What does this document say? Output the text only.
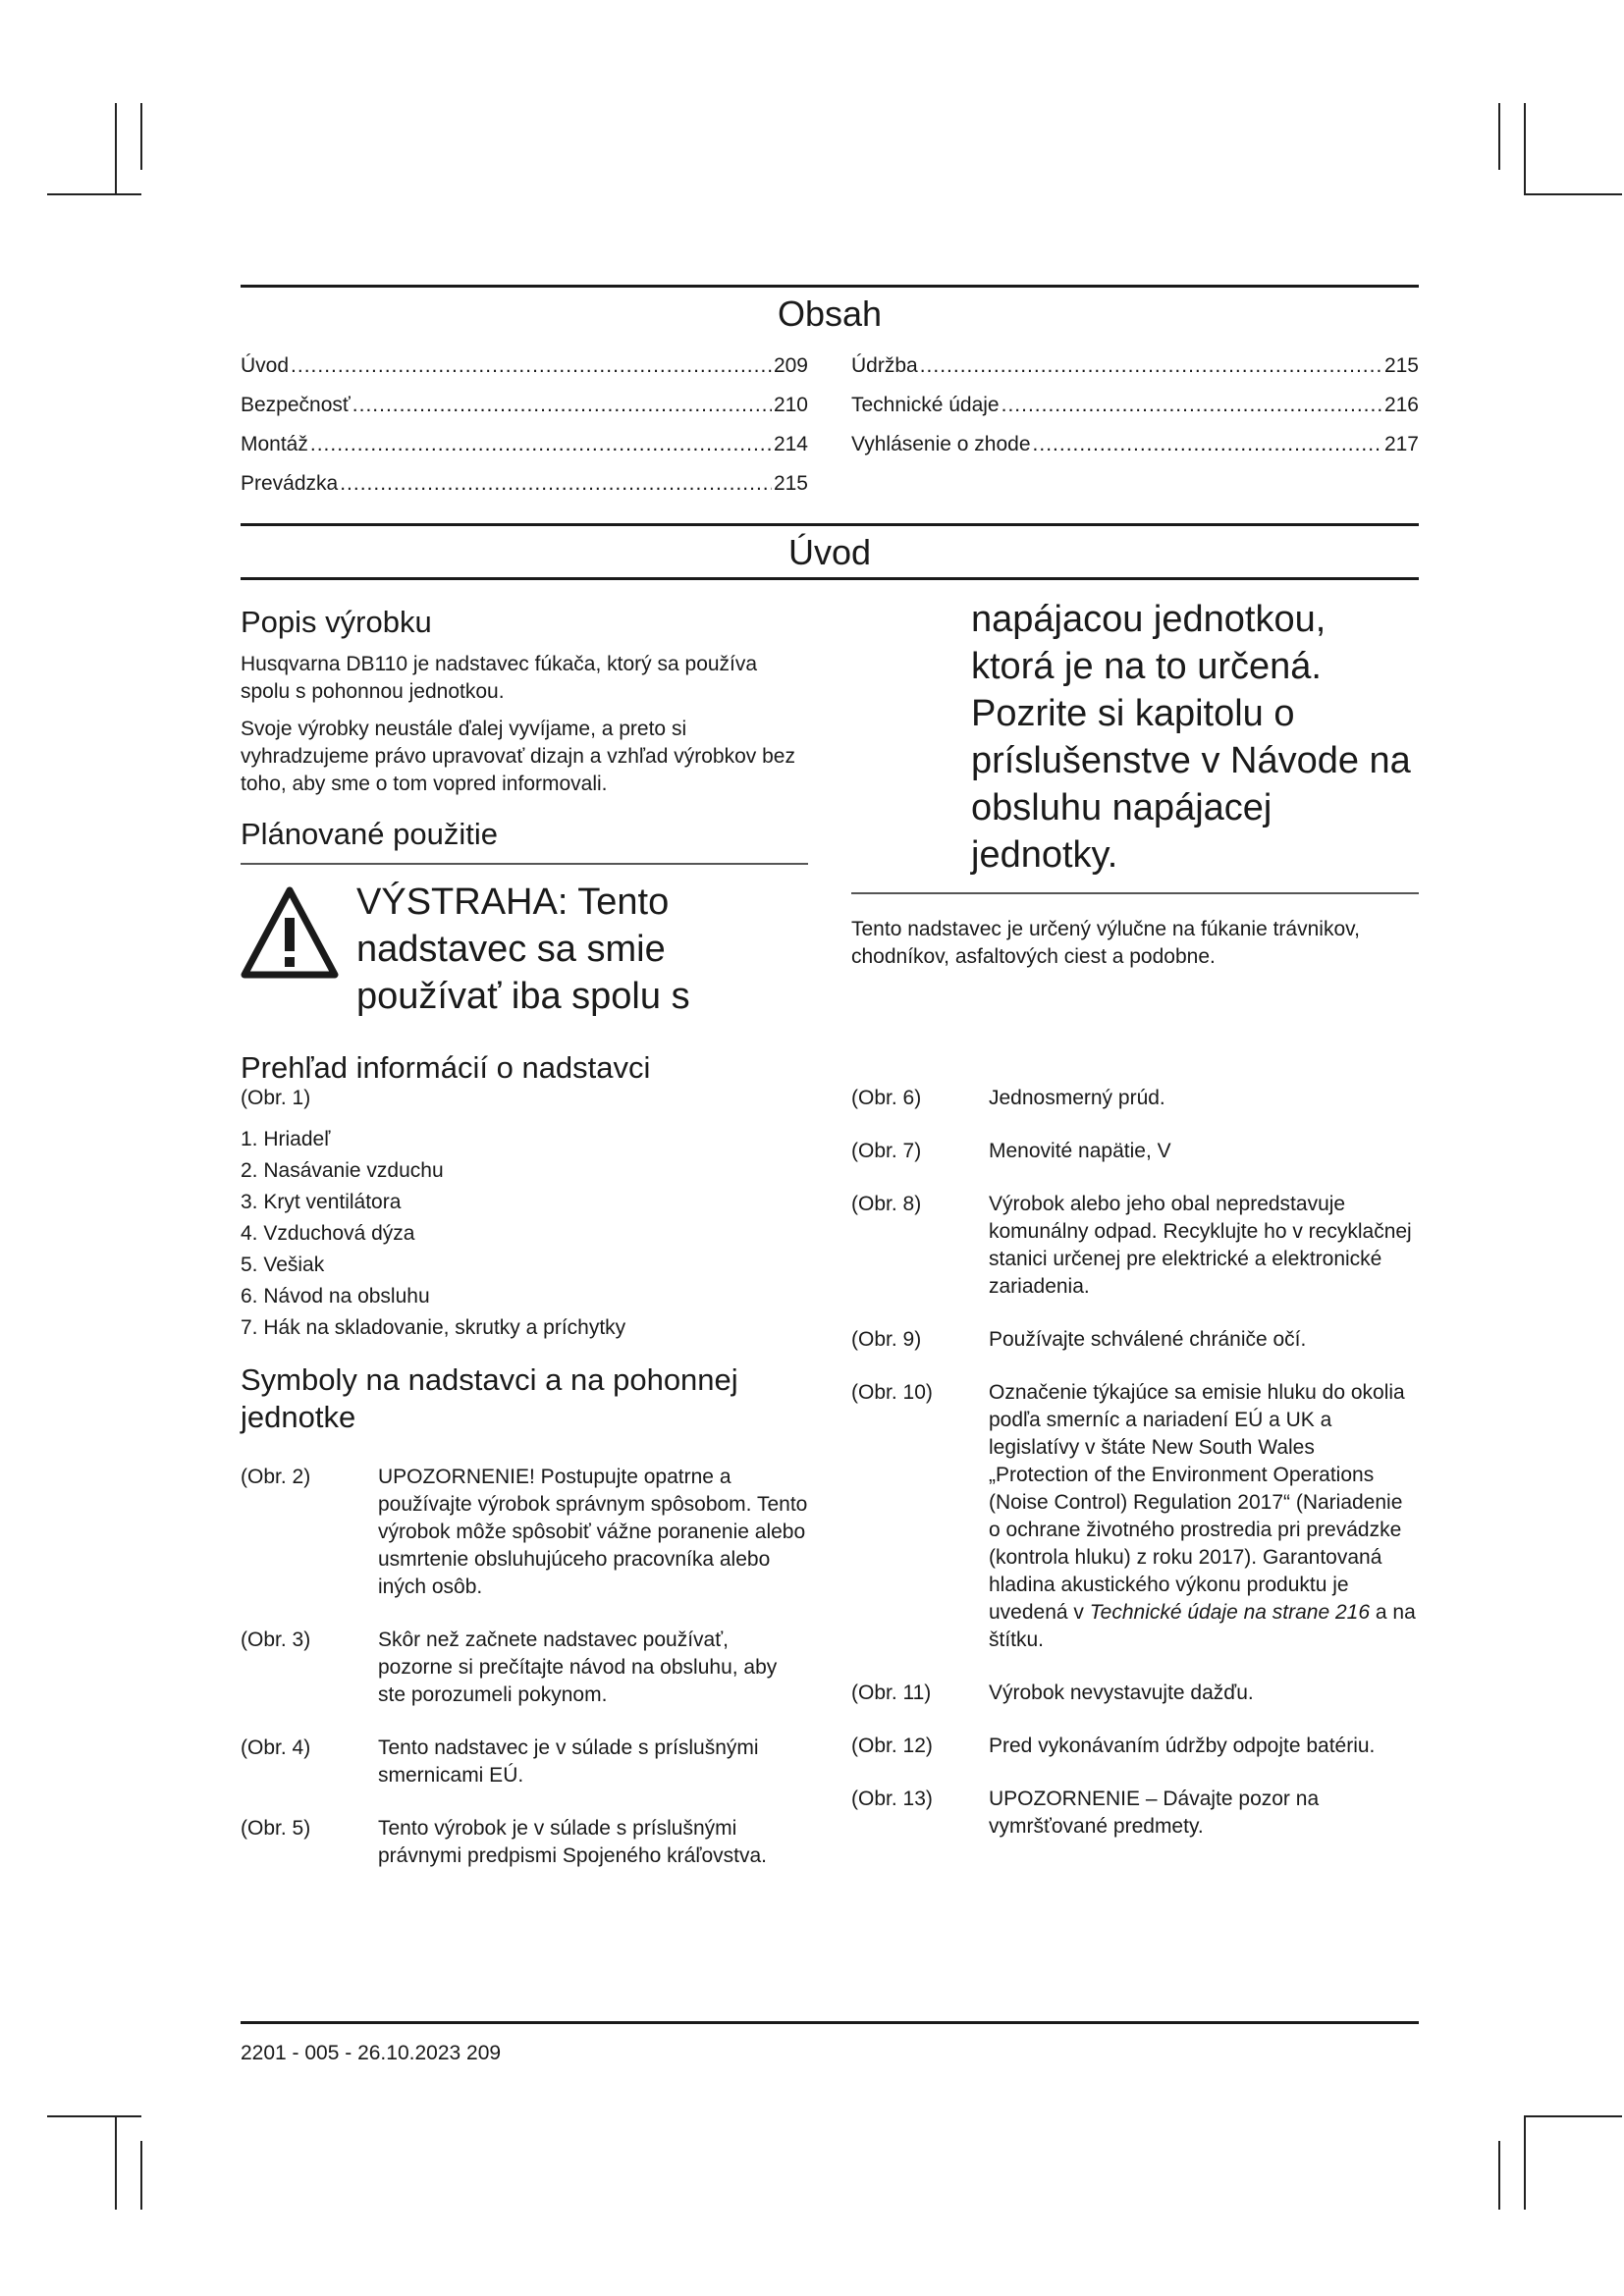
Obsah
Úvod .....	209
Bezpečnosť .....	210
Montáž .....	214
Prevádzka .....	215
Údržba .....	215
Technické údaje .....	216
Vyhlásenie o zhode .....	217
Úvod
Popis výrobku

Husqvarna DB110 je nadstavec fúkača, ktorý sa používa spolu s pohonnou jednotkou.

Svoje výrobky neustále ďalej vyvíjame, a preto si vyhradzujeme právo upravovať dizajn a vzhľad výrobkov bez toho, aby sme o tom vopred informovali.

Plánované použitie
VÝSTRAHA: Tento nadstavec sa smie používať iba spolu s
Prehľad informácií o nadstavci
(Obr. 1)
1. Hriadeľ
2. Nasávanie vzduchu
3. Kryt ventilátora
4. Vzduchová dýza
5. Vešiak
6. Návod na obsluhu
7. Hák na skladovanie, skrutky a príchytky
Symboly na nadstavci a na pohonnej jednotke
(Obr. 2)	UPOZORNENIE! Postupujte opatrne a používajte výrobok správnym spôsobom. Tento výrobok môže spôsobiť vážne poranenie alebo usmrtenie obsluhujúceho pracovníka alebo iných osôb.
(Obr. 3)	Skôr než začnete nadstavec používať, pozorne si prečítajte návod na obsluhu, aby ste porozumeli pokynom.
(Obr. 4)	Tento nadstavec je v súlade s príslušnými smernicami EÚ.
(Obr. 5)	Tento výrobok je v súlade s príslušnými právnymi predpismi Spojeného kráľovstva.
napájacou jednotkou, ktorá je na to určená. Pozrite si kapitolu o príslušenstve v Návode na obsluhu napájacej jednotky.

Tento nadstavec je určený výlučne na fúkanie trávnikov, chodníkov, asfaltových ciest a podobne.

(Obr. 6)	Jednosmerný prúd.
(Obr. 7)	Menovité napätie, V
(Obr. 8)	Výrobok alebo jeho obal nepredstavuje komunálny odpad. Recyklujte ho v recyklačnej stanici určenej pre elektrické a elektronické zariadenia.
(Obr. 9)	Používajte schválené chrániče očí.
(Obr. 10)	Označenie týkajúce sa emisie hluku do okolia podľa smerníc a nariadení EÚ a UK a legislatívy v štáte New South Wales „Protection of the Environment Operations (Noise Control) Regulation 2017“ (Nariadenie o ochrane životného prostredia pri prevádzke (kontrola hluku) z roku 2017). Garantovaná hladina akustického výkonu produktu je uvedená v Technické údaje na strane 216 a na štítku.
(Obr. 11)	Výrobok nevystavujte dažďu.
(Obr. 12)	Pred vykonávaním údržby odpojte batériu.
(Obr. 13)	UPOZORNENIE – Dávajte pozor na vymršťované predmety.
2201 - 005 - 26.10.2023 209
